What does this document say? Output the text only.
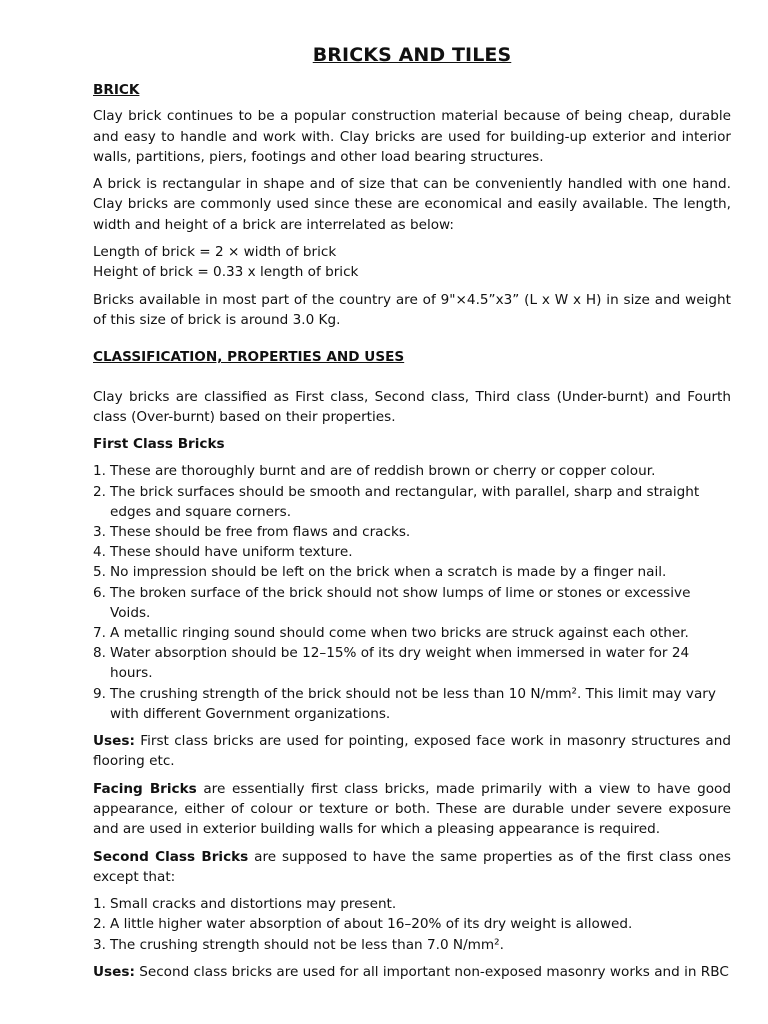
BRICKS AND TILES
BRICK

Clay brick continues to be a popular construction material because of being cheap, durable and easy to handle and work with. Clay bricks are used for building-up exterior and interior walls, partitions, piers, footings and other load bearing structures.

A brick is rectangular in shape and of size that can be conveniently handled with one hand. Clay bricks are commonly used since these are economical and easily available. The length, width and height of a brick are interrelated as below:

Length of brick = 2 × width of brick
Height of brick = 0.33 x length of brick

Bricks available in most part of the country are of 9"×4.5”x3” (L x W x H) in size and weight of this size of brick is around 3.0 Kg.

CLASSIFICATION, PROPERTIES AND USES

Clay bricks are classified as First class, Second class, Third class (Under-burnt) and Fourth class (Over-burnt) based on their properties.

First Class Bricks
1. These are thoroughly burnt and are of reddish brown or cherry or copper colour.
2. The brick surfaces should be smooth and rectangular, with parallel, sharp and straight edges and square corners.
3. These should be free from flaws and cracks.
4. These should have uniform texture.
5. No impression should be left on the brick when a scratch is made by a finger nail.
6. The broken surface of the brick should not show lumps of lime or stones or excessive Voids.
7. A metallic ringing sound should come when two bricks are struck against each other.
8. Water absorption should be 12–15% of its dry weight when immersed in water for 24 hours.
9. The crushing strength of the brick should not be less than 10 N/mm². This limit may vary with different Government organizations.

Uses: First class bricks are used for pointing, exposed face work in masonry structures and flooring etc.

Facing Bricks are essentially first class bricks, made primarily with a view to have good appearance, either of colour or texture or both. These are durable under severe exposure and are used in exterior building walls for which a pleasing appearance is required.

Second Class Bricks are supposed to have the same properties as of the first class ones except that:

1. Small cracks and distortions may present.
2. A little higher water absorption of about 16–20% of its dry weight is allowed.
3. The crushing strength should not be less than 7.0 N/mm².

Uses: Second class bricks are used for all important non-exposed masonry works and in RBC
